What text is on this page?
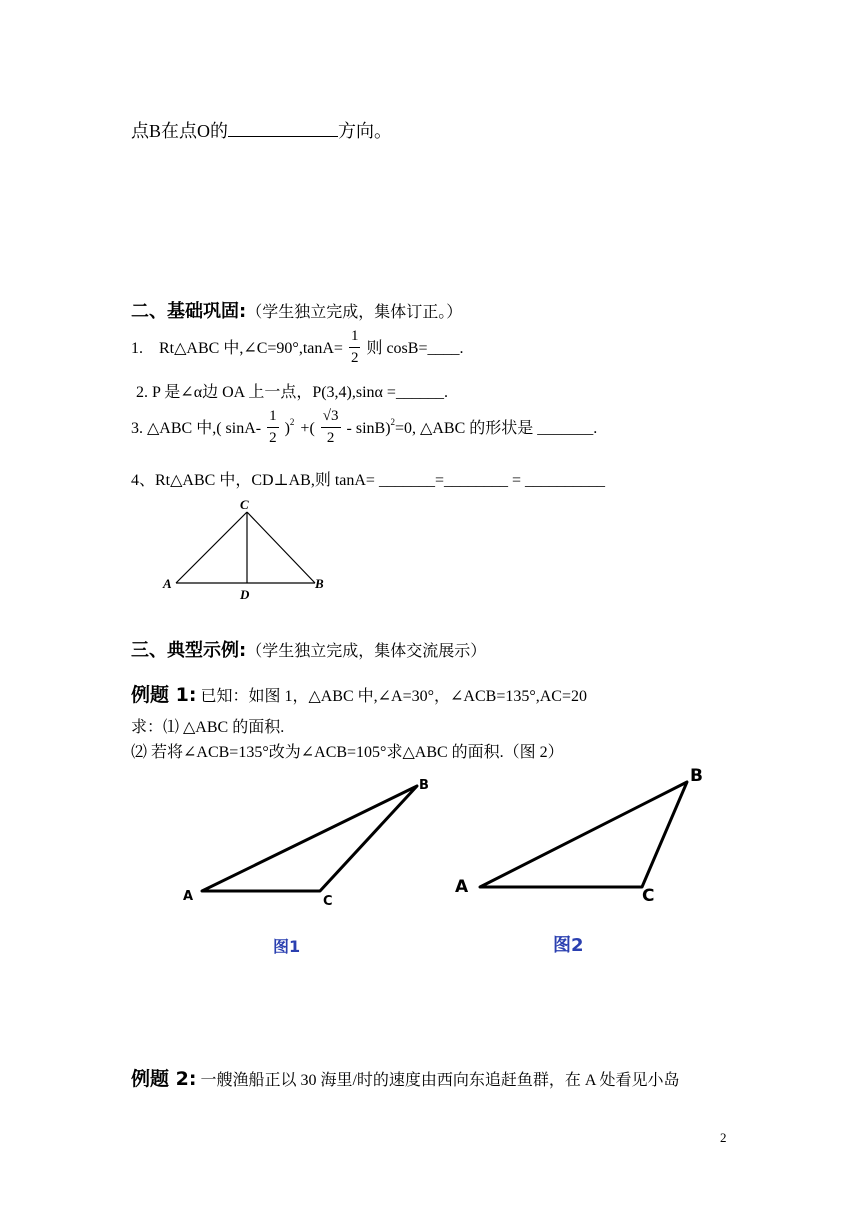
点B在点O的	方向。
二、基础巩固:（学生独立完成，集体订正。）
1.    Rt△ABC 中,∠C=90°,tanA= $\frac{1}{2}$ 则 cosB=____.
2. P 是∠α边 OA 上一点，P(3,4),sinα =______.
3. △ABC 中,( $\sin A- \frac{1}{2} )^2$ +( $\frac{√3}{2} - \sin B)^2=0$, △ABC 的形状是 _______.
4、Rt△ABC 中，CD⊥AB,则 tanA= _______=________ = __________
C
A	B
D
三、典型示例:（学生独立完成，集体交流展示）
例题 1: 已知：如图 1，△ABC 中,∠A=30°，∠ACB=135°,AC=20
求：⑴ △ABC 的面积.
⑵ 若将∠ACB=135°改为∠ACB=105°求△ABC 的面积.（图 2）
A
B
C
图1
A
B
C
图2
例题 2: 一艘渔船正以 30 海里/时的速度由西向东追赶鱼群，在 A 处看见小岛
2
